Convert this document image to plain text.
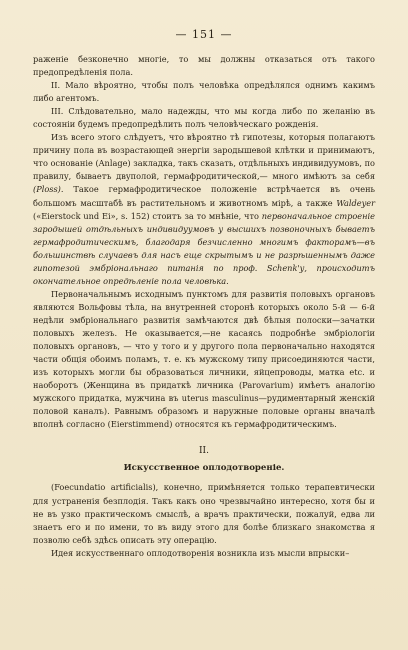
— 151 —

раженіе безконечно многіе, то мы должны отказаться отъ такого предопредѣленія пола.

II. Мало вѣроятно, чтобы полъ человѣка опредѣлялся однимъ какимъ либо агентомъ.

III. Слѣдовательно, мало надежды, что мы когда либо по желанію въ состояніи будемъ предопредѣлить полъ человѣческаго рожденія.

Изъ всего этого слѣдуетъ, что вѣроятно тѣ гипотезы, которыя полагаютъ причину пола въ возрастающей энергіи зародышевой клѣтки и принимаютъ, что основаніе (Anlage) закладка, такъ сказать, отдѣльныхъ индивидуумовъ, по правилу, бываетъ двуполой, гермафродитической,— много имѣютъ за себя (Ploss). Такое гермафродитическое положеніе встрѣчается въ очень большомъ масштабѣ въ растительномъ и животномъ мірѣ, а также Waldeyer («Eierstock und Ei», s. 152) стоитъ за то мнѣніе, что первоначальное строеніе зародышей отдѣльныхъ индивидуумовъ у высшихъ позвоночныхъ бываетъ гермафродитическимъ, благодаря безчисленно многимъ факторамъ—въ большинствѣ случаевъ для насъ еще скрытымъ и не разрѣшеннымъ даже гипотезой эмбріональнаго питанія по проф. Schenk'у, происходитъ окончательное опредѣленіе пола человѣка.

Первоначальнымъ исходнымъ пунктомъ для развитія половыхъ органовъ являются Вольфовы тѣла, на внутренней сторонѣ которыхъ около 5-й — 6-й недѣли эмбріональнаго развитія замѣчаются двѣ бѣлыя полоски—зачатки половыхъ железъ. Не оказывается,—не касаясь подробнѣе эмбріологіи половыхъ органовъ, — что у того и у другого пола первоначально находятся части общія обоимъ поламъ, т. е. къ мужскому типу присоединяются части, изъ которыхъ могли бы образоваться личники, яйцепроводы, матка etc. и наоборотъ (Женщина въ придаткѣ личника (Parovarium) имѣетъ аналогію мужского придатка, мужчина въ uterus masculinus—рудиментарный женскій половой каналъ). Равнымъ образомъ и наружные половые органы вначалѣ вполнѣ согласно (Eierstimmend) относятся къ гермафродитическимъ.

II.
Искусственное оплодотвореніе.

(Foecundatio artificialis), конечно, примѣняется только терапевтически для устраненія безплодія. Такъ какъ оно чрезвычайно интересно, хотя бы и не въ узко практическомъ смыслѣ, а врачъ практически, пожалуй, едва ли знаетъ его и по имени, то въ виду этого для болѣе близкаго знакомства я позволю себѣ здѣсь описать эту операцію.

Идея искусственнаго оплодотворенія возникла изъ мысли впрыски–
